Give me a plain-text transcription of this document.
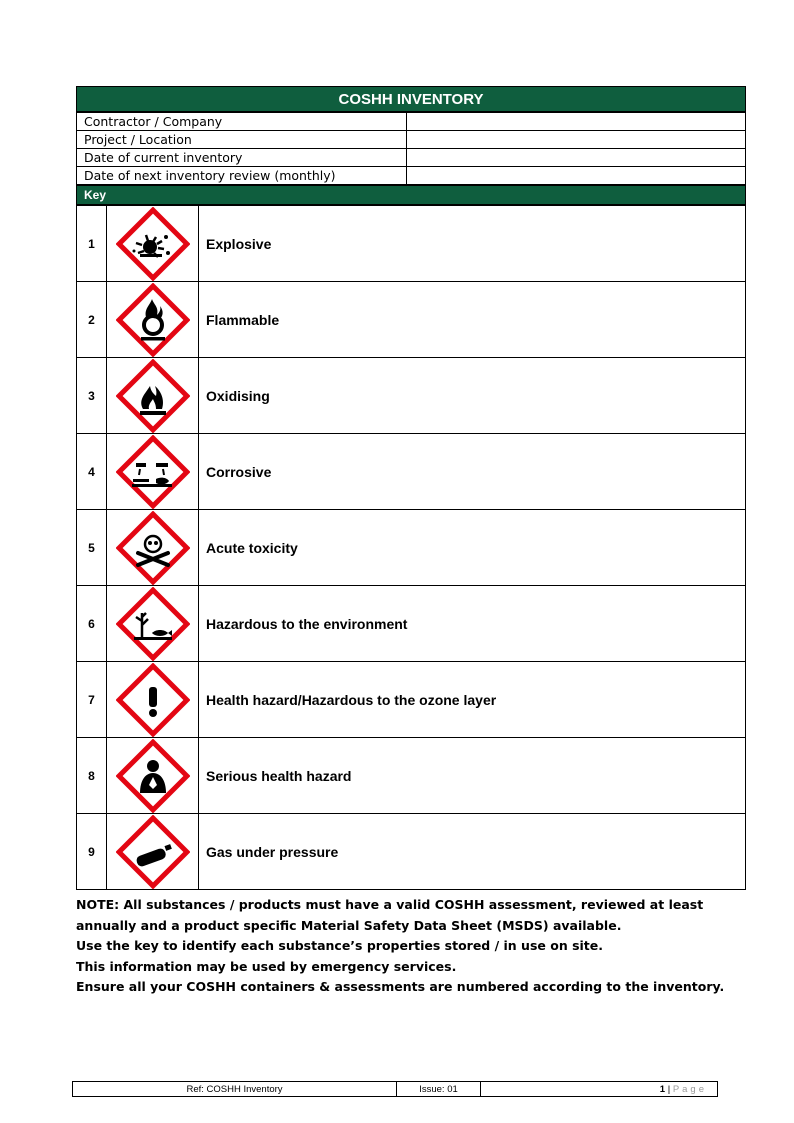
COSHH INVENTORY
Contractor / Company	
Project / Location	
Date of current inventory	
Date of next inventory review (monthly)	
Key
1		Explosive
2		Flammable
3		Oxidising
4		Corrosive
5		Acute toxicity
6		Hazardous to the environment
7		Health hazard/Hazardous to the ozone layer
8		Serious health hazard
9		Gas under pressure
NOTE: All substances / products must have a valid COSHH assessment, reviewed at least annually and a product specific Material Safety Data Sheet (MSDS) available.
Use the key to identify each substance’s properties stored / in use on site.
This information may be used by emergency services.
Ensure all your COSHH containers & assessments are numbered according to the inventory.
Ref: COSHH Inventory	Issue: 01	1 | Page
